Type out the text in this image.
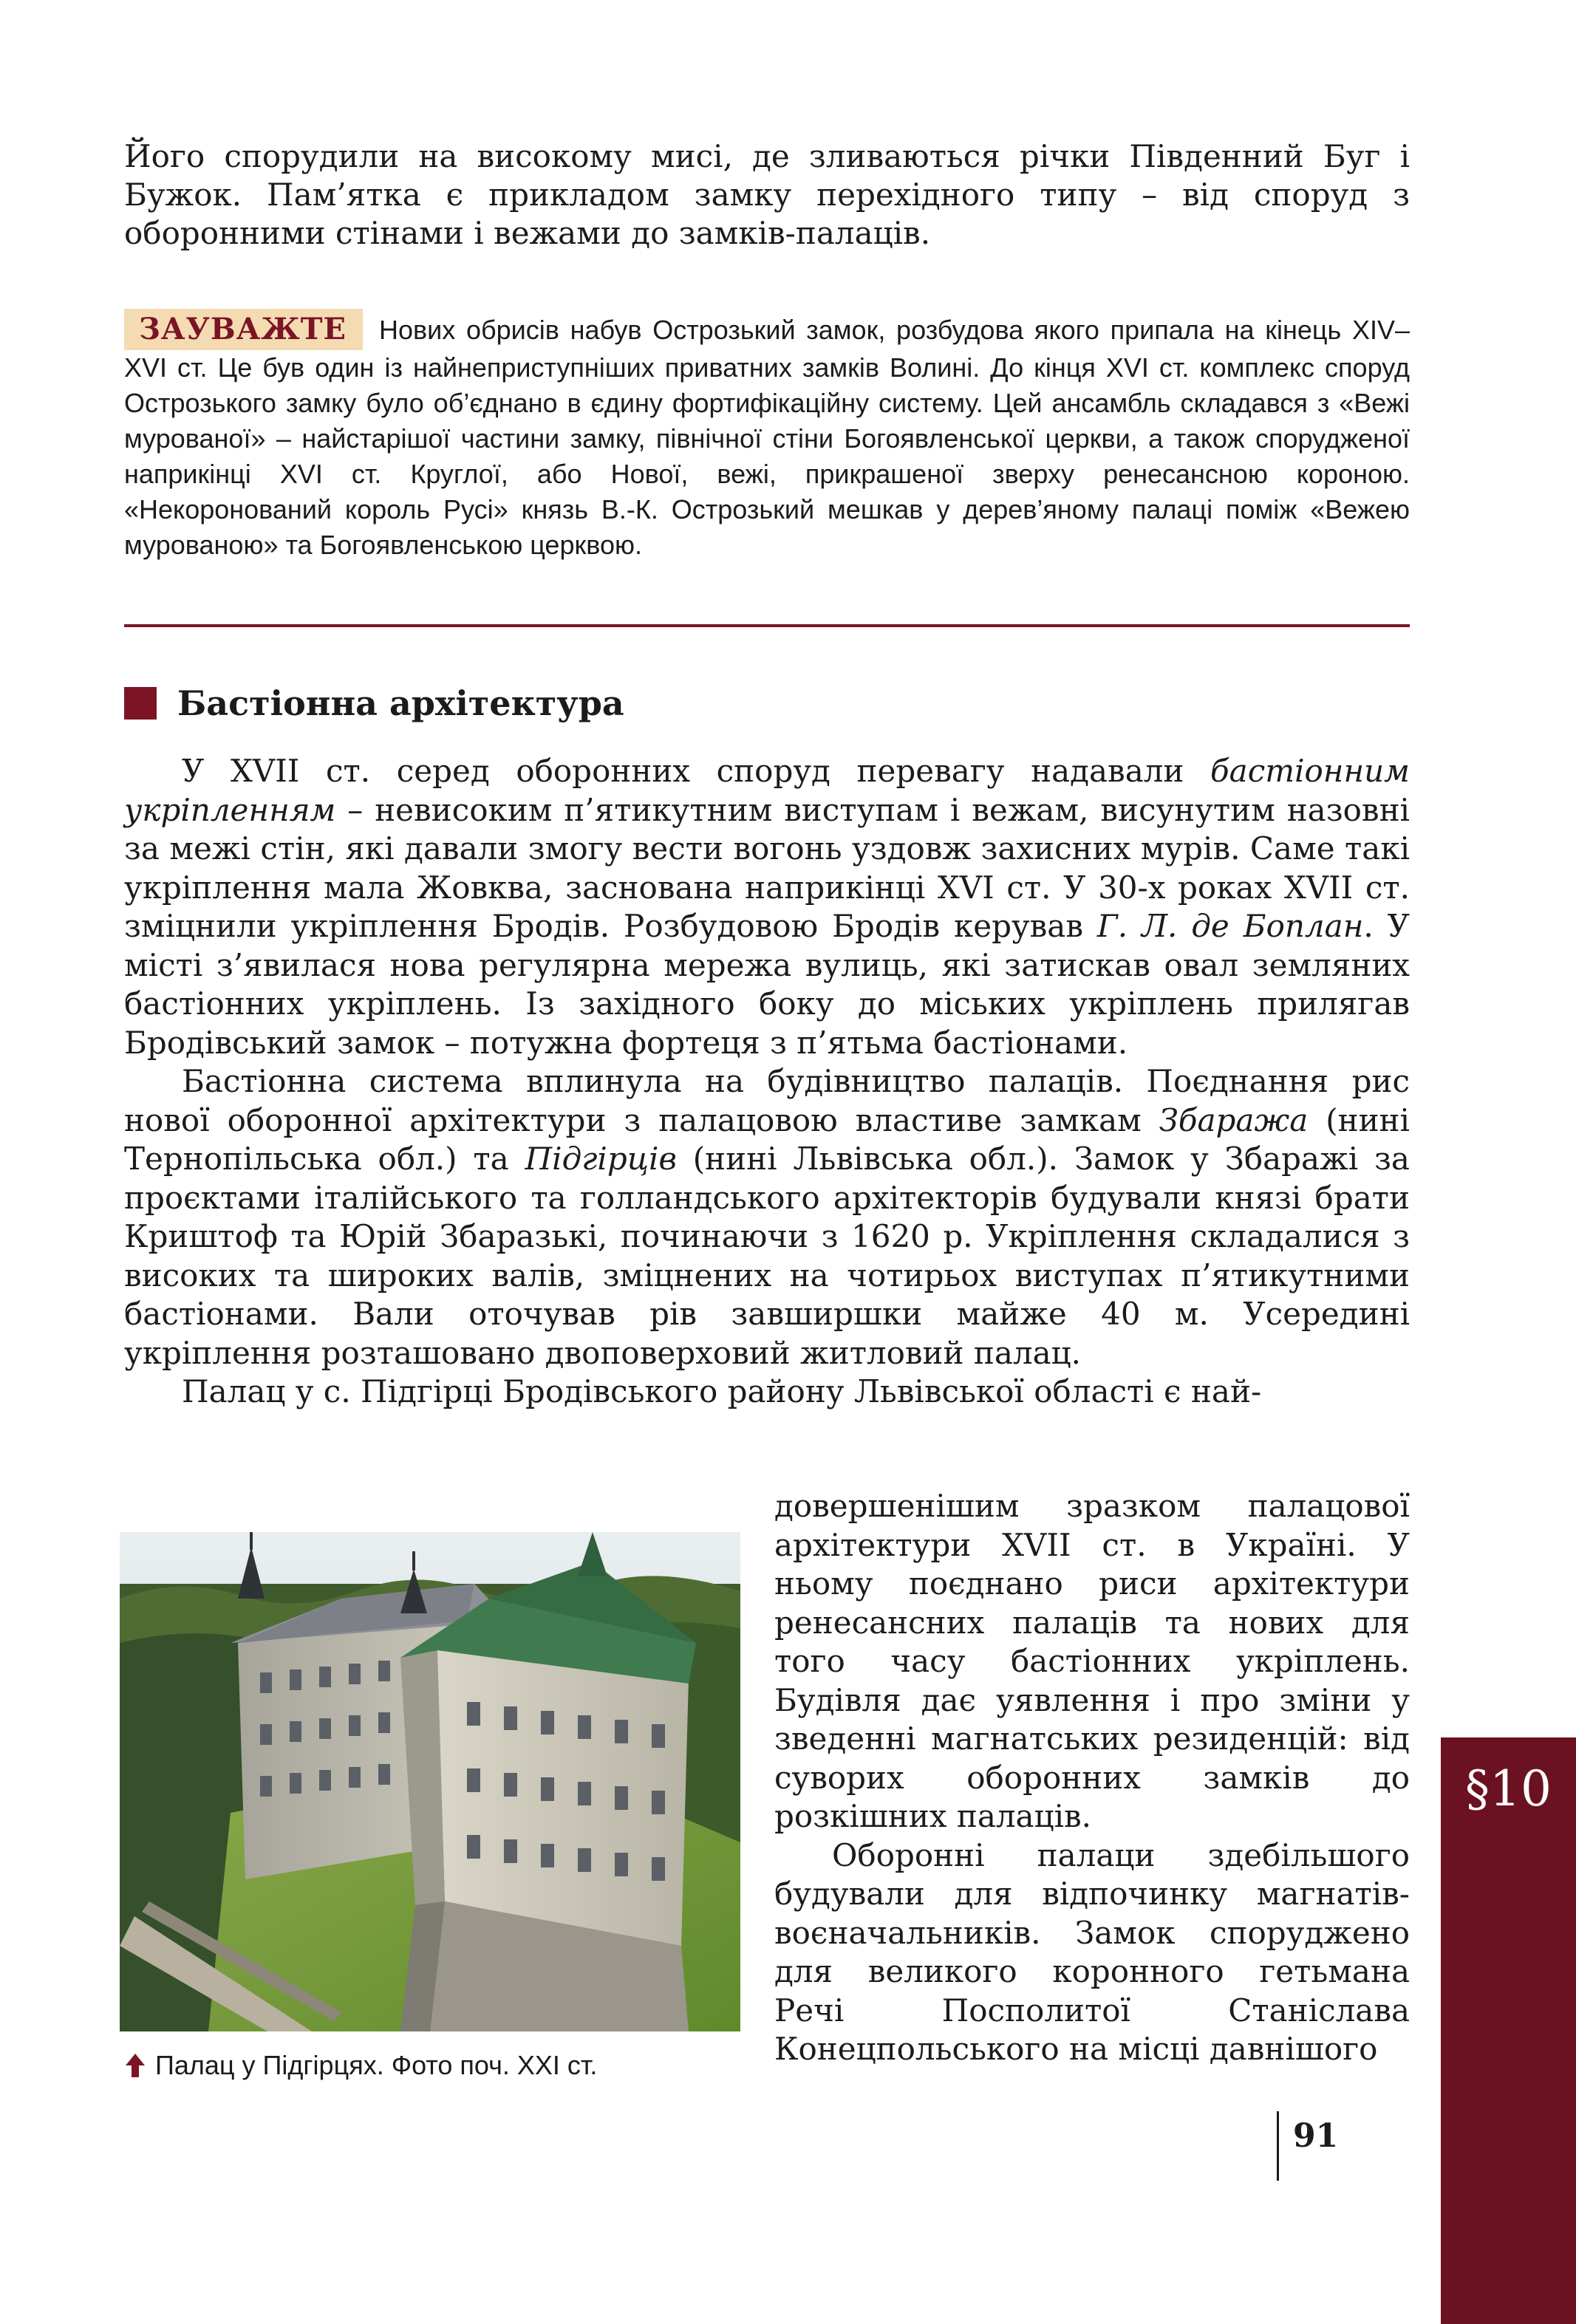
Його спорудили на високому мисі, де зливаються річки Південний Буг і Бужок. Пам’ятка є прикладом замку перехідного типу – від споруд з оборонними стінами і вежами до замків-палаців.
ЗАУВАЖТЕ Нових обрисів набув Острозький замок, розбудова якого припала на кінець XIV–XVI ст. Це був один із найнеприступніших приватних замків Волині. До кінця XVI ст. комплекс споруд Острозького замку було об’єднано в єдину фортифікаційну систему. Цей ансамбль складався з «Вежі мурованої» – найстарішої частини замку, північної стіни Богоявленської церкви, а також спорудженої наприкінці XVI ст. Круглої, або Нової, вежі, прикрашеної зверху ренесансною короною. «Некоронований король Русі» князь В.-К. Острозький мешкав у дерев’яному палаці поміж «Вежею мурованою» та Богоявленською церквою.
Бастіонна архітектура

У XVII ст. серед оборонних споруд перевагу надавали бастіонним укріпленням – невисоким п’ятикутним виступам і вежам, висунутим назовні за межі стін, які давали змогу вести вогонь уздовж захисних мурів. Саме такі укріплення мала Жовква, заснована наприкінці XVI ст. У 30-х роках XVII ст. зміцнили укріплення Бродів. Розбудовою Бродів керував Г. Л. де Боплан. У місті з’явилася нова регулярна мережа вулиць, які затискав овал земляних бастіонних укріплень. Із західного боку до міських укріплень прилягав Бродівський замок – потужна фортеця з п’ятьма бастіонами.

Бастіонна система вплинула на будівництво палаців. Поєднання рис нової оборонної архітектури з палацовою властиве замкам Збаража (нині Тернопільська обл.) та Підгірців (нині Львівська обл.). Замок у Збаражі за проєктами італійського та голландського архітекторів будували князі брати Криштоф та Юрій Збаразькі, починаючи з 1620 р. Укріплення складалися з високих та широких валів, зміцнених на чотирьох виступах п’ятикутними бастіонами. Вали оточував рів завширшки майже 40 м. Усередині укріплення розташовано двоповерховий житловий палац.

Палац у с. Підгірці Бродівського району Львівської області є най-

довершенішим зразком палацової архітектури XVII ст. в Україні. У ньому поєднано риси архітектури ренесансних палаців та нових для того часу бастіонних укріплень. Будівля дає уявлення і про зміни у зведенні магнатських резиденцій: від суворих оборонних замків до розкішних палаців.

Оборонні палаци здебільшого будували для відпочинку магнатів-воєначальників. Замок споруджено для великого коронного гетьмана Речі Посполитої Станіслава Конецпольського на місці давнішого

Палац у Підгірцях. Фото поч. XXI ст.
§10
91
